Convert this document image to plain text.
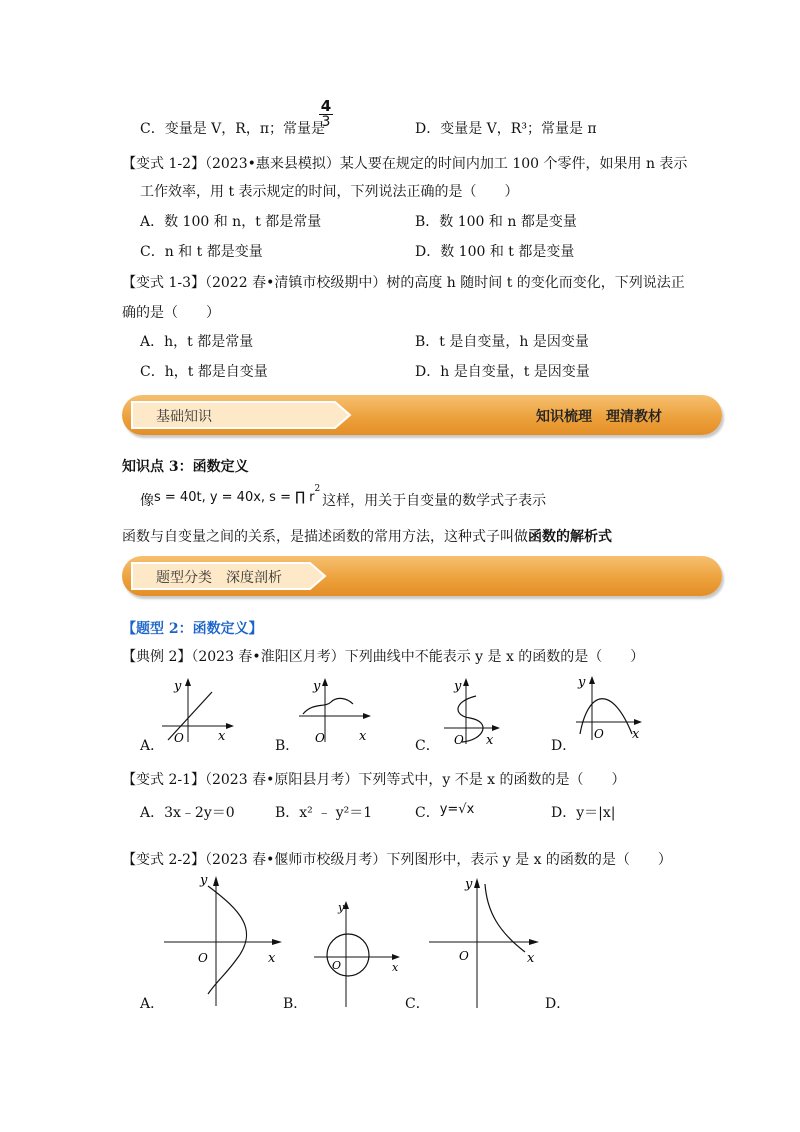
C．变量是 V，R，π；常量是
$\frac{4}{3}$	D．变量是 V，R³；常量是 π
【变式 1-2】（2023•惠来县模拟）某人要在规定的时间内加工 100 个零件，如果用 n 表示
工作效率，用 t 表示规定的时间，下列说法正确的是（　　）
A．数 100 和 n，t 都是常量	B．数 100 和 n 都是变量
C．n 和 t 都是变量	D．数 100 和 t 都是变量
【变式 1-3】（2022 春•清镇市校级期中）树的高度 h 随时间 t 的变化而变化，下列说法正
确的是（　　）
A．h，t 都是常量	B．t 是自变量，h 是因变量
C．h，t 都是自变量	D．h 是自变量，t 是因变量
基础知识	知识梳理　理清教材
知识点 3：函数定义
像s = 40t, y = 40x, s = ∏ $r^2$这样，用关于自变量的数学式子表示
函数与自变量之间的关系，是描述函数的常用方法，这种式子叫做函数的解析式
题型分类　深度剖析
【题型 2：函数定义】
【典例 2】（2023 春•淮阳区月考）下列曲线中不能表示 y 是 x 的函数的是（　　）
A．
y
x
O	B．
y
x
O	C．
y
x
O	D．
y
x
O
【变式 2-1】（2023 春•原阳县月考）下列等式中，y 不是 x 的函数的是（　　）
A．3x﹣2y＝0	B．x² ﹣ y²＝1	C．y=√x	D．y＝|x|
【变式 2-2】（2023 春•偃师市校级月考）下列图形中，表示 y 是 x 的函数的是（　　）
A．
y
x
O
B．
y
x
O
C．
y
x
O
D．
